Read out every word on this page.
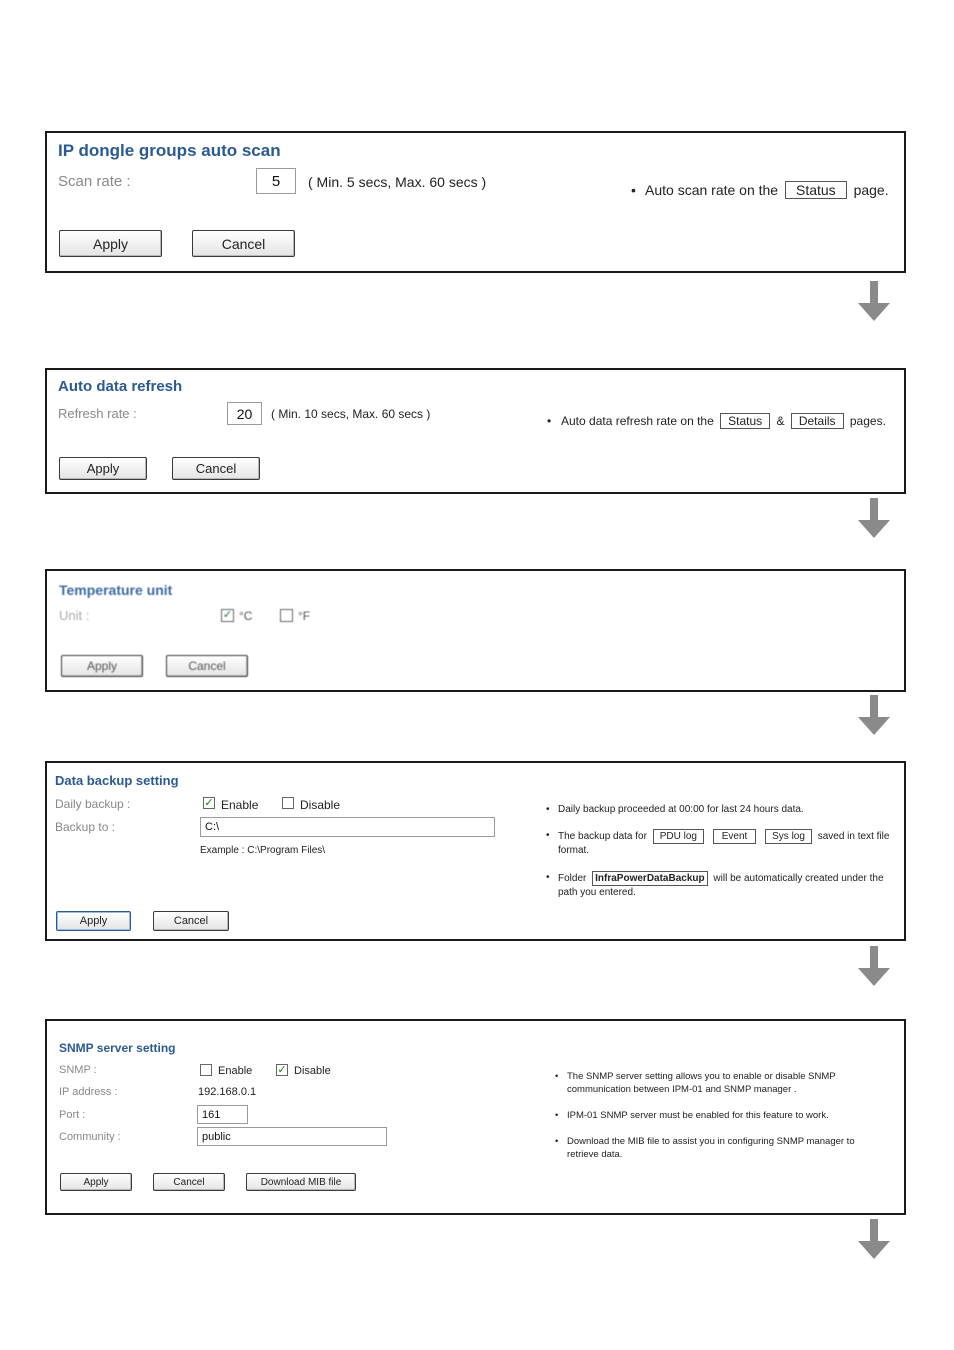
IP dongle groups auto scan
Scan rate :	5	( Min. 5 secs, Max. 60 secs )
Apply	Cancel
• Auto scan rate on the Status page.
Auto data refresh
Refresh rate :	20	( Min. 10 secs, Max. 60 secs )
Apply	Cancel
• Auto data refresh rate on the Status & Details pages.
Temperature unit
Unit :	✓ °C	°F
Apply	Cancel
Data backup setting
Daily backup :	✓ Enable	Disable
Backup to :	C:\
Example : C:\Program Files\
Apply	Cancel
• Daily backup proceeded at 00:00 for last 24 hours data.
• The backup data for PDU log Event Sys log saved in text file
format.
• Folder InfraPowerDataBackup will be automatically created under the
path you entered.
SNMP server setting
SNMP :	Enable ✓ Disable
IP address :	192.168.0.1
Port :	161
Community :	public
Apply	Cancel	Download MIB file
• The SNMP server setting allows you to enable or disable SNMP
communication between IPM-01 and SNMP manager .
• IPM-01 SNMP server must be enabled for this feature to work.
• Download the MIB file to assist you in configuring SNMP manager to
retrieve data.
